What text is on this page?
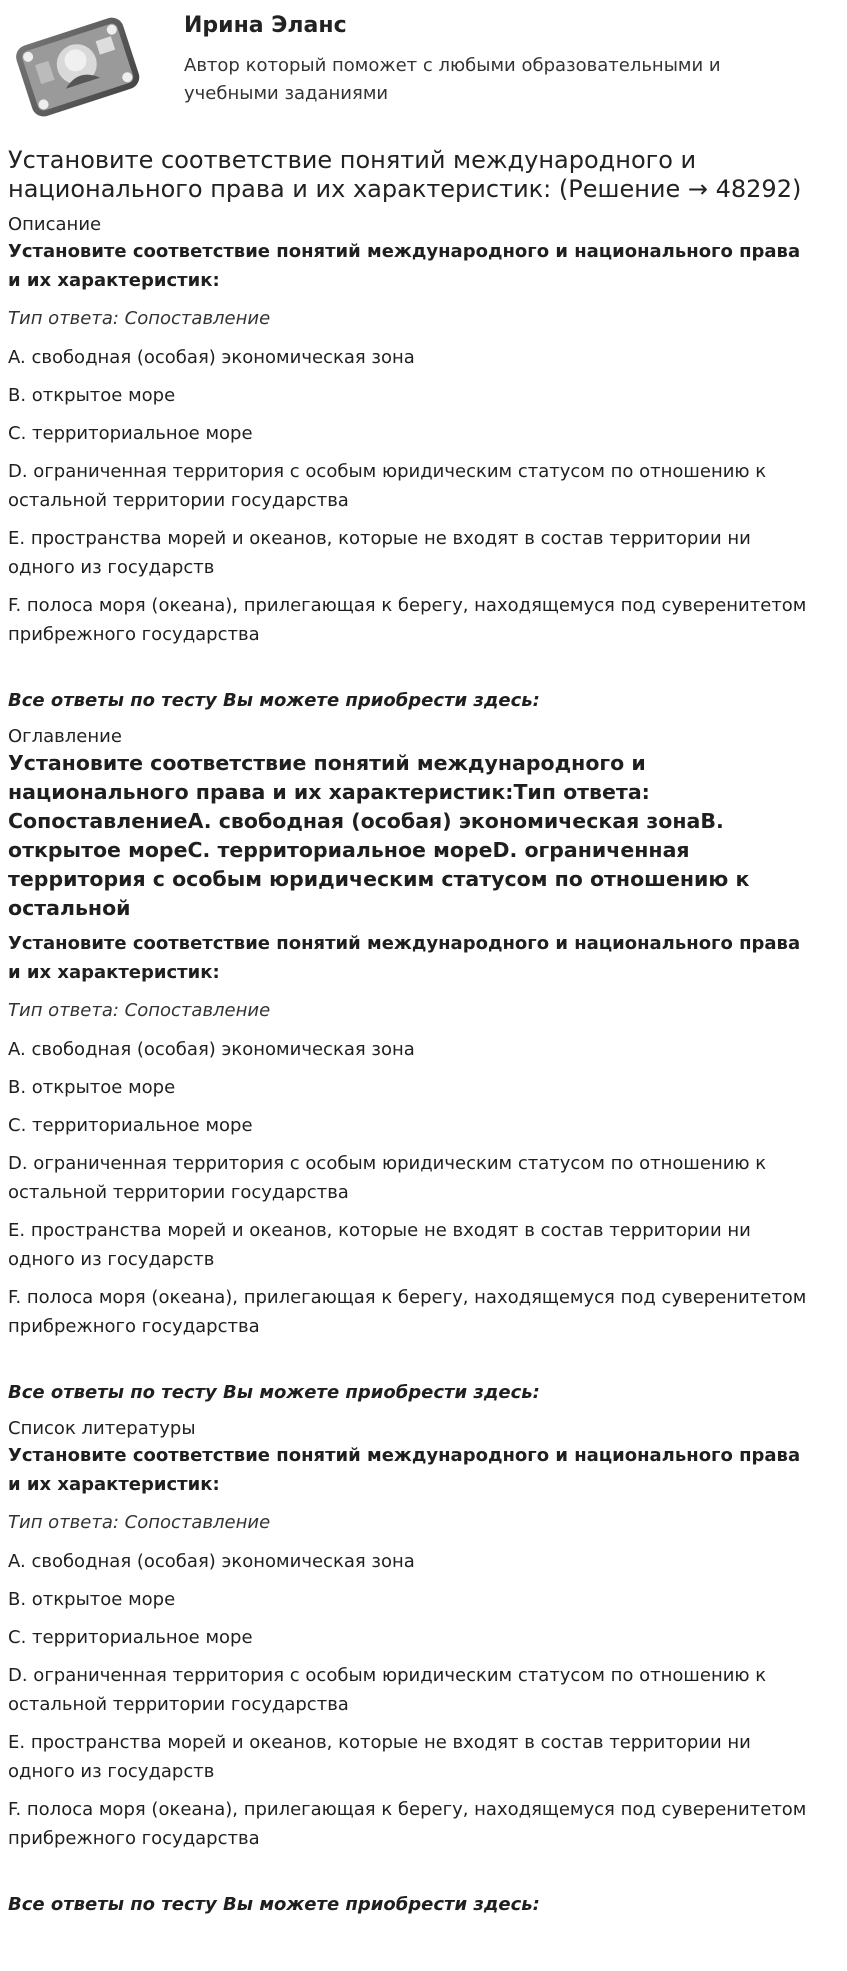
Ирина Эланс
Автор который поможет с любыми образовательными и учебными заданиями
Установите соответствие понятий международного и национального права и их характеристик: (Решение → 48292)

Описание

Установите соответствие понятий международного и национального права и их характеристик:

Тип ответа: Сопоставление

A. свободная (особая) экономическая зона

B. открытое море

C. территориальное море

D. ограниченная территория с особым юридическим статусом по отношению к остальной территории государства

E. пространства морей и океанов, которые не входят в состав территории ни одного из государств

F. полоса моря (океана), прилегающая к берегу, находящемуся под суверенитетом прибрежного государства

Все ответы по тесту Вы можете приобрести здесь:

Оглавление

Установите соответствие понятий международного и национального права и их характеристик:Тип ответа: СопоставлениеA. свободная (особая) экономическая зонаB. открытое мореC. территориальное мореD. ограниченная территория с особым юридическим статусом по отношению к остальной

Установите соответствие понятий международного и национального права и их характеристик:

Тип ответа: Сопоставление

A. свободная (особая) экономическая зона

B. открытое море

C. территориальное море

D. ограниченная территория с особым юридическим статусом по отношению к остальной территории государства

E. пространства морей и океанов, которые не входят в состав территории ни одного из государств

F. полоса моря (океана), прилегающая к берегу, находящемуся под суверенитетом прибрежного государства

Все ответы по тесту Вы можете приобрести здесь:

Список литературы

Установите соответствие понятий международного и национального права и их характеристик:

Тип ответа: Сопоставление

A. свободная (особая) экономическая зона

B. открытое море

C. территориальное море

D. ограниченная территория с особым юридическим статусом по отношению к остальной территории государства

E. пространства морей и океанов, которые не входят в состав территории ни одного из государств

F. полоса моря (океана), прилегающая к берегу, находящемуся под суверенитетом прибрежного государства

Все ответы по тесту Вы можете приобрести здесь:
